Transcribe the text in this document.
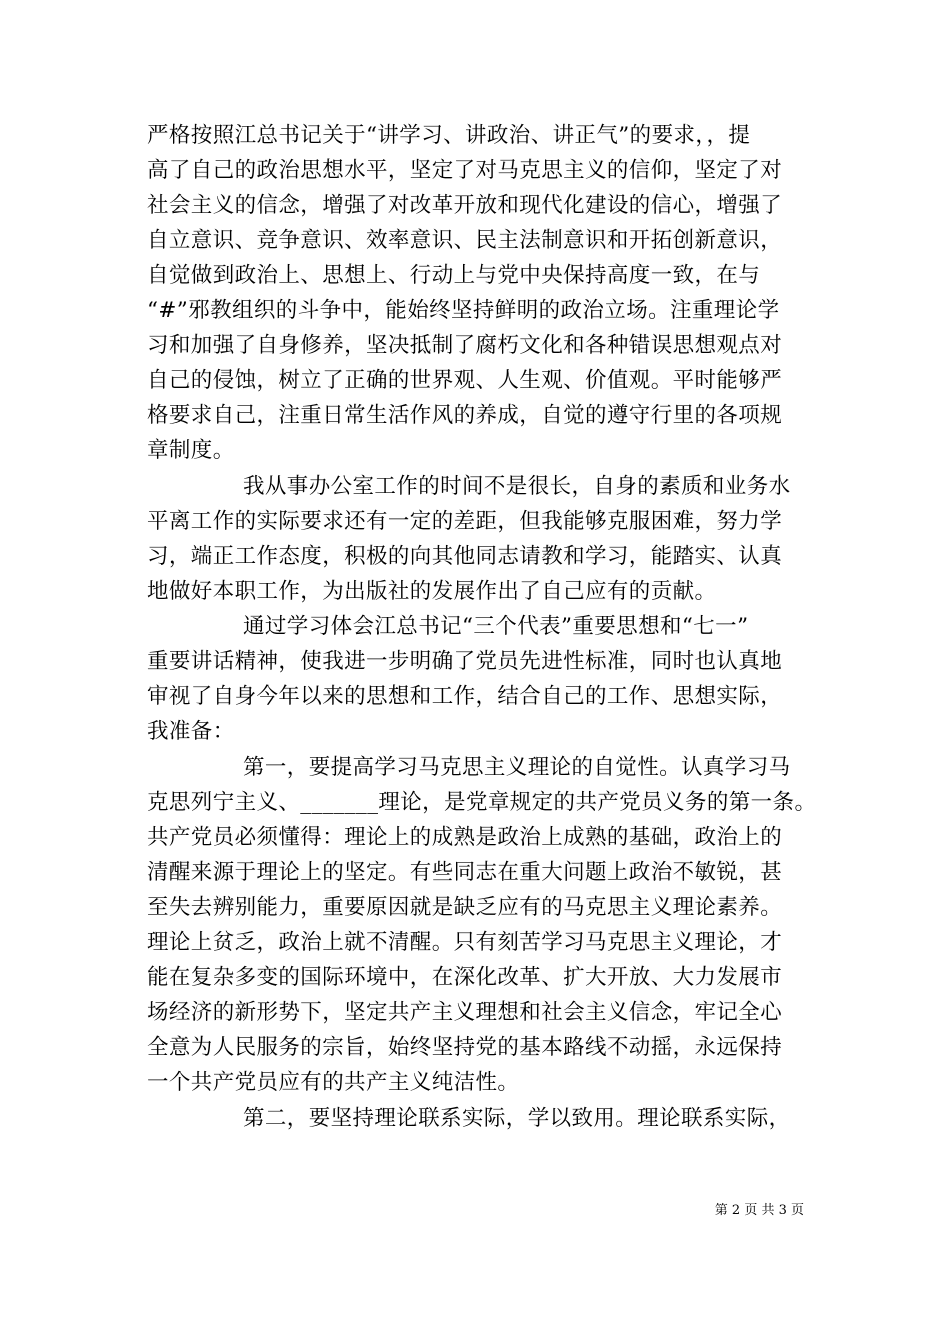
严格按照江总书记关于“讲学习、讲政治、讲正气”的要求，，提
高了自己的政治思想水平，坚定了对马克思主义的信仰，坚定了对
社会主义的信念，增强了对改革开放和现代化建设的信心，增强了
自立意识、竞争意识、效率意识、民主法制意识和开拓创新意识，
自觉做到政治上、思想上、行动上与党中央保持高度一致，在与
“#”邪教组织的斗争中，能始终坚持鲜明的政治立场。注重理论学
习和加强了自身修养，坚决抵制了腐朽文化和各种错误思想观点对
自己的侵蚀，树立了正确的世界观、人生观、价值观。平时能够严
格要求自己，注重日常生活作风的养成，自觉的遵守行里的各项规
章制度。
我从事办公室工作的时间不是很长，自身的素质和业务水
平离工作的实际要求还有一定的差距，但我能够克服困难，努力学
习，端正工作态度，积极的向其他同志请教和学习，能踏实、认真
地做好本职工作，为出版社的发展作出了自己应有的贡献。
通过学习体会江总书记“三个代表”重要思想和“七一”
重要讲话精神，使我进一步明确了党员先进性标准，同时也认真地
审视了自身今年以来的思想和工作，结合自己的工作、思想实际，
我准备：
第一，要提高学习马克思主义理论的自觉性。认真学习马
克思列宁主义、_______理论，是党章规定的共产党员义务的第一条。
共产党员必须懂得：理论上的成熟是政治上成熟的基础，政治上的
清醒来源于理论上的坚定。有些同志在重大问题上政治不敏锐，甚
至失去辨别能力，重要原因就是缺乏应有的马克思主义理论素养。
理论上贫乏，政治上就不清醒。只有刻苦学习马克思主义理论，才
能在复杂多变的国际环境中，在深化改革、扩大开放、大力发展市
场经济的新形势下，坚定共产主义理想和社会主义信念，牢记全心
全意为人民服务的宗旨，始终坚持党的基本路线不动摇，永远保持
一个共产党员应有的共产主义纯洁性。
第二，要坚持理论联系实际，学以致用。理论联系实际，
第 2 页 共 3 页
